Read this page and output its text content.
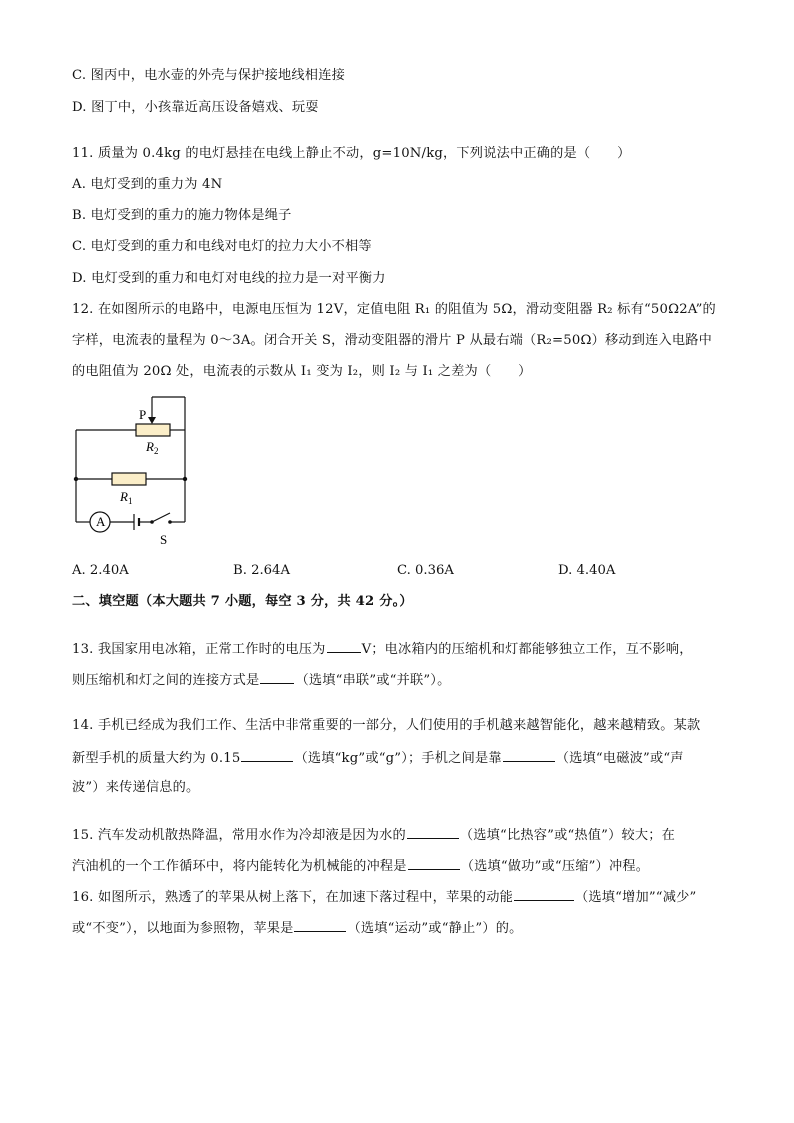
C. 图丙中，电水壶的外壳与保护接地线相连接
D. 图丁中，小孩靠近高压设备嬉戏、玩耍
11. 质量为 0.4kg 的电灯悬挂在电线上静止不动，g=10N/kg，下列说法中正确的是（　　）
A. 电灯受到的重力为 4N
B. 电灯受到的重力的施力物体是绳子
C. 电灯受到的重力和电线对电灯的拉力大小不相等
D. 电灯受到的重力和电灯对电线的拉力是一对平衡力
12. 在如图所示的电路中，电源电压恒为 12V，定值电阻 R₁ 的阻值为 5Ω，滑动变阻器 R₂ 标有“50Ω2A”的
字样，电流表的量程为 0～3A。闭合开关 S，滑动变阻器的滑片 P 从最右端（R₂=50Ω）移动到连入电路中
的电阻值为 20Ω 处，电流表的示数从 I₁ 变为 I₂，则 I₂ 与 I₁ 之差为（　　）
A. 2.40A	B. 2.64A	C. 0.36A	D. 4.40A
二、填空题（本大题共 7 小题，每空 3 分，共 42 分。）
13. 我国家用电冰箱，正常工作时的电压为	V；电冰箱内的压缩机和灯都能够独立工作，互不影响，
则压缩机和灯之间的连接方式是	（选填“串联”或“并联”）。
14. 手机已经成为我们工作、生活中非常重要的一部分，人们使用的手机越来越智能化，越来越精致。某款
新型手机的质量大约为 0.15	（选填“kg”或“g”）；手机之间是靠	（选填“电磁波”或“声
波”）来传递信息的。
15. 汽车发动机散热降温，常用水作为冷却液是因为水的	（选填“比热容”或“热值”）较大；在
汽油机的一个工作循环中，将内能转化为机械能的冲程是	（选填“做功”或“压缩”）冲程。
16. 如图所示，熟透了的苹果从树上落下，在加速下落过程中，苹果的动能	（选填“增加”“减少”
或“不变”），以地面为参照物，苹果是	（选填“运动”或“静止”）的。
P
$R_2$
$R_1$
A
S
